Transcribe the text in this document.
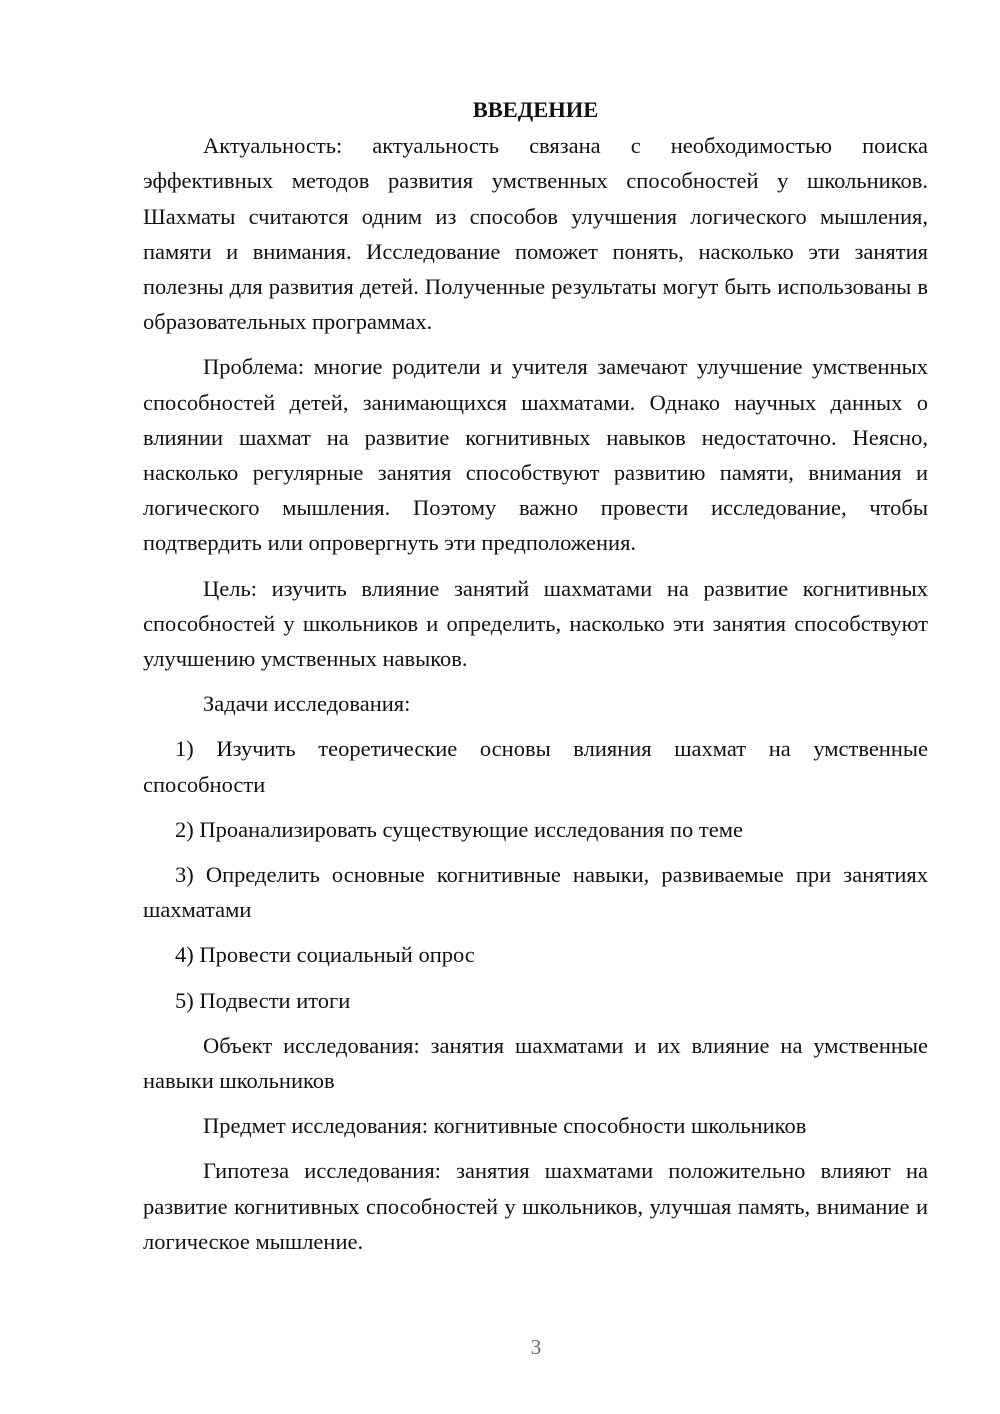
ВВЕДЕНИЕ

Актуальность: актуальность связана с необходимостью поиска эффективных методов развития умственных способностей у школьников. Шахматы считаются одним из способов улучшения логического мышления, памяти и внимания. Исследование поможет понять, насколько эти занятия полезны для развития детей. Полученные результаты могут быть использованы в образовательных программах.

Проблема: многие родители и учителя замечают улучшение умственных способностей детей, занимающихся шахматами. Однако научных данных о влиянии шахмат на развитие когнитивных навыков недостаточно. Неясно, насколько регулярные занятия способствуют развитию памяти, внимания и логического мышления. Поэтому важно провести исследование, чтобы подтвердить или опровергнуть эти предположения.

Цель: изучить влияние занятий шахматами на развитие когнитивных способностей у школьников и определить, насколько эти занятия способствуют улучшению умственных навыков.

Задачи исследования:

1) Изучить теоретические основы влияния шахмат на умственные способности

2) Проанализировать существующие исследования по теме

3) Определить основные когнитивные навыки, развиваемые при занятиях шахматами

4) Провести социальный опрос

5) Подвести итоги

Объект исследования: занятия шахматами и их влияние на умственные навыки школьников

Предмет исследования: когнитивные способности школьников

Гипотеза исследования: занятия шахматами положительно влияют на развитие когнитивных способностей у школьников, улучшая память, внимание и логическое мышление.

3
